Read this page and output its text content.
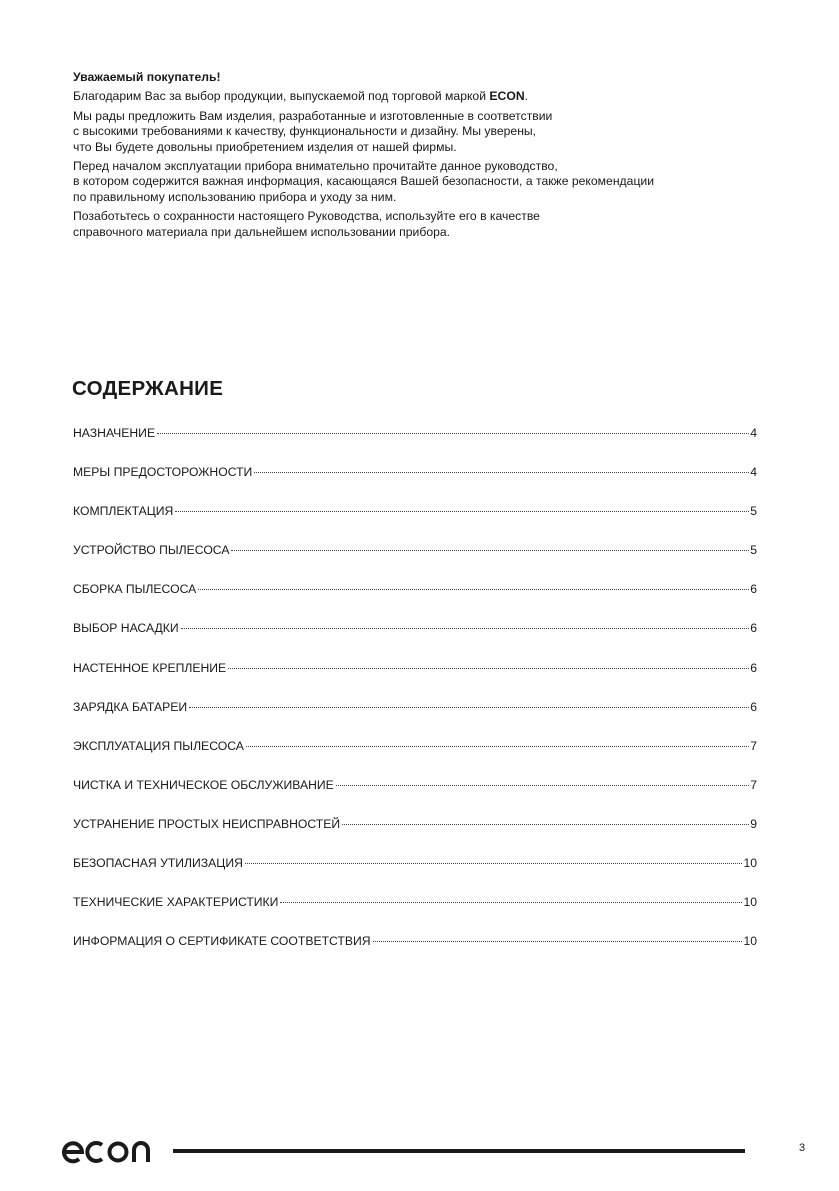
Уважаемый покупатель!

Благодарим Вас за выбор продукции, выпускаемой под торговой маркой ECON.

Мы рады предложить Вам изделия, разработанные и изготовленные в соответствии
с высокими требованиями к качеству, функциональности и дизайну. Мы уверены,
что Вы будете довольны приобретением изделия от нашей фирмы.

Перед началом эксплуатации прибора внимательно прочитайте данное руководство,
в котором содержится важная информация, касающаяся Вашей безопасности, а также рекомендации
по правильному использованию прибора и уходу за ним.

Позаботьтесь о сохранности настоящего Руководства, используйте его в качестве
справочного материала при дальнейшем использовании прибора.

СОДЕРЖАНИЕ
НАЗНАЧЕНИЕ	4
МЕРЫ ПРЕДОСТОРОЖНОСТИ	4
КОМПЛЕКТАЦИЯ	5
УСТРОЙСТВО ПЫЛЕСОСА	5
СБОРКА ПЫЛЕСОСА	6
ВЫБОР НАСАДКИ	6
НАСТЕННОЕ КРЕПЛЕНИЕ	6
ЗАРЯДКА БАТАРЕИ	6
ЭКСПЛУАТАЦИЯ ПЫЛЕСОСА	7
ЧИСТКА И ТЕХНИЧЕСКОЕ ОБСЛУЖИВАНИЕ	7
УСТРАНЕНИЕ ПРОСТЫХ НЕИСПРАВНОСТЕЙ	9
БЕЗОПАСНАЯ УТИЛИЗАЦИЯ	10
ТЕХНИЧЕСКИЕ ХАРАКТЕРИСТИКИ	10
ИНФОРМАЦИЯ О СЕРТИФИКАТЕ СООТВЕТСТВИЯ	10
3
